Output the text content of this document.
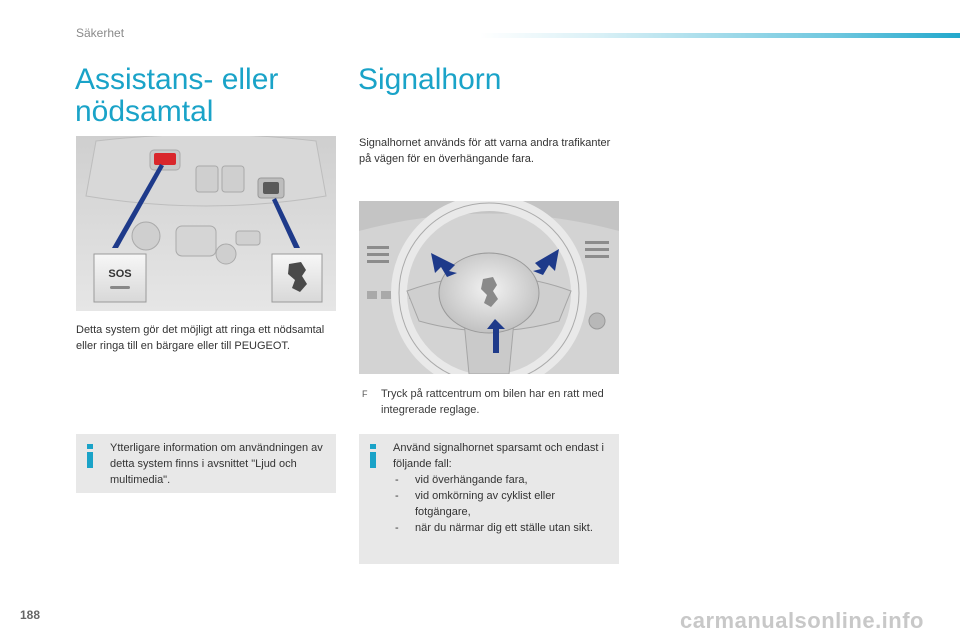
Säkerhet
Assistans- eller
nödsamtal
SOS
Detta system gör det möjligt att ringa ett nödsamtal eller ringa till en bärgare eller till PEUGEOT.
Ytterligare information om användningen av detta system finns i avsnittet "Ljud och multimedia".
Signalhorn
Signalhornet används för att varna andra trafikanter på vägen för en överhängande fara.
F Tryck på rattcentrum om bilen har en ratt med integrerade reglage.
Använd signalhornet sparsamt och endast i följande fall:
- vid överhängande fara,
- vid omkörning av cyklist eller fotgängare,
- när du närmar dig ett ställe utan sikt.
188	carmanualsonline.info
